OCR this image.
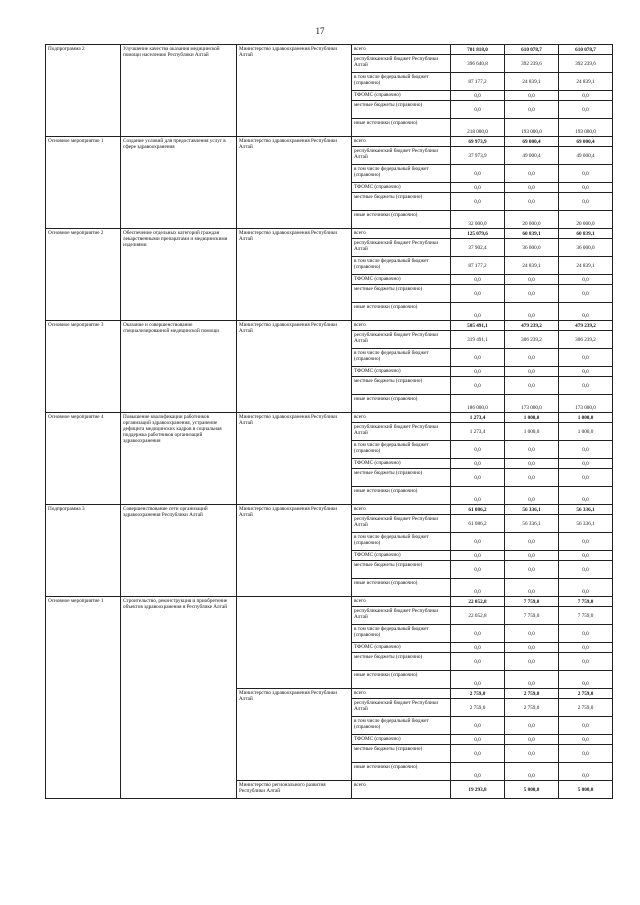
17
Подпрограмма 2	Улучшение качества оказания медицинской помощи населению Республики Алтай	Министерство здравоохранения Республики Алтай	всего	701 818,0	610 078,7	610 078,7
			республиканский бюджет Республики Алтай	396 640,8	392 239,6	392 239,6
			в том числе федеральный бюджет (справочно)	87 177,2	24 839,1	24 839,1
			ТФОМС (справочно)	0,0	0,0	0,0
			местные бюджеты (справочно)	0,0	0,0	0,0
			иные источники (справочно)	218 000,0	193 000,0	193 000,0
Основное мероприятие 1	Создание условий для предоставления услуг в сфере здравоохранения	Министерство здравоохранения Республики Алтай	всего	69 973,9	69 000,4	69 000,4
			республиканский бюджет Республики Алтай	37 973,9	49 000,4	49 000,4
			в том числе федеральный бюджет (справочно)	0,0	0,0	0,0
			ТФОМС (справочно)	0,0	0,0	0,0
			местные бюджеты (справочно)	0,0	0,0	0,0
			иные источники (справочно)	32 000,0	20 000,0	20 000,0
Основное мероприятие 2	Обеспечение отдельных категорий граждан лекарственными препаратами и медицинскими изделиями	Министерство здравоохранения Республики Алтай	всего	125 079,6	60 839,1	60 839,1
			республиканский бюджет Республики Алтай	37 902,4	36 000,0	36 000,0
			в том числе федеральный бюджет (справочно)	87 177,2	24 839,1	24 839,1
			ТФОМС (справочно)	0,0	0,0	0,0
			местные бюджеты (справочно)	0,0	0,0	0,0
			иные источники (справочно)	0,0	0,0	0,0
Основное мероприятие 3	Оказание и совершенствование специализированной медицинской помощи	Министерство здравоохранения Республики Алтай	всего	505 491,1	479 239,2	479 239,2
			республиканский бюджет Республики Алтай	319 491,1	306 239,2	306 239,2
			в том числе федеральный бюджет (справочно)	0,0	0,0	0,0
			ТФОМС (справочно)	0,0	0,0	0,0
			местные бюджеты (справочно)	0,0	0,0	0,0
			иные источники (справочно)	186 000,0	173 000,0	173 000,0
Основное мероприятие 4	Повышение квалификации работников организаций здравоохранения, устранение дефицита медицинских кадров в социальная поддержка работников организаций здравоохранения	Министерство здравоохранения Республики Алтай	всего	1 273,4	1 000,0	1 000,0
			республиканский бюджет Республики Алтай	1 273,4	1 000,0	1 000,0
			в том числе федеральный бюджет (справочно)	0,0	0,0	0,0
			ТФОМС (справочно)	0,0	0,0	0,0
			местные бюджеты (справочно)	0,0	0,0	0,0
			иные источники (справочно)	0,0	0,0	0,0
Подпрограмма 3	Совершенствование сети организаций здравоохранения Республики Алтай	Министерство здравоохранения Республики Алтай	всего	61 086,2	56 336,1	56 336,1
			республиканский бюджет Республики Алтай	61 086,2	56 336,1	56 336,1
			в том числе федеральный бюджет (справочно)	0,0	0,0	0,0
			ТФОМС (справочно)	0,0	0,0	0,0
			местные бюджеты (справочно)	0,0	0,0	0,0
			иные источники (справочно)	0,0	0,0	0,0
Основное мероприятие 1	Строительство, реконструкция и приобретение объектов здравоохранения в Республике Алтай		всего	22 052,8	7 759,0	7 759,0
			республиканский бюджет Республики Алтай	22 052,8	7 759,0	7 759,0
			в том числе федеральный бюджет (справочно)	0,0	0,0	0,0
			ТФОМС (справочно)	0,0	0,0	0,0
			местные бюджеты (справочно)	0,0	0,0	0,0
			иные источники (справочно)	0,0	0,0	0,0
		Министерство здравоохранения Республики Алтай	всего	2 759,0	2 759,0	2 759,0
			республиканский бюджет Республики Алтай	2 759,0	2 759,0	2 759,0
			в том числе федеральный бюджет (справочно)	0,0	0,0	0,0
			ТФОМС (справочно)	0,0	0,0	0,0
			местные бюджеты (справочно)	0,0	0,0	0,0
			иные источники (справочно)	0,0	0,0	0,0
		Министерство регионального развития Республики Алтай	всего	19 293,8	5 000,0	5 000,0
